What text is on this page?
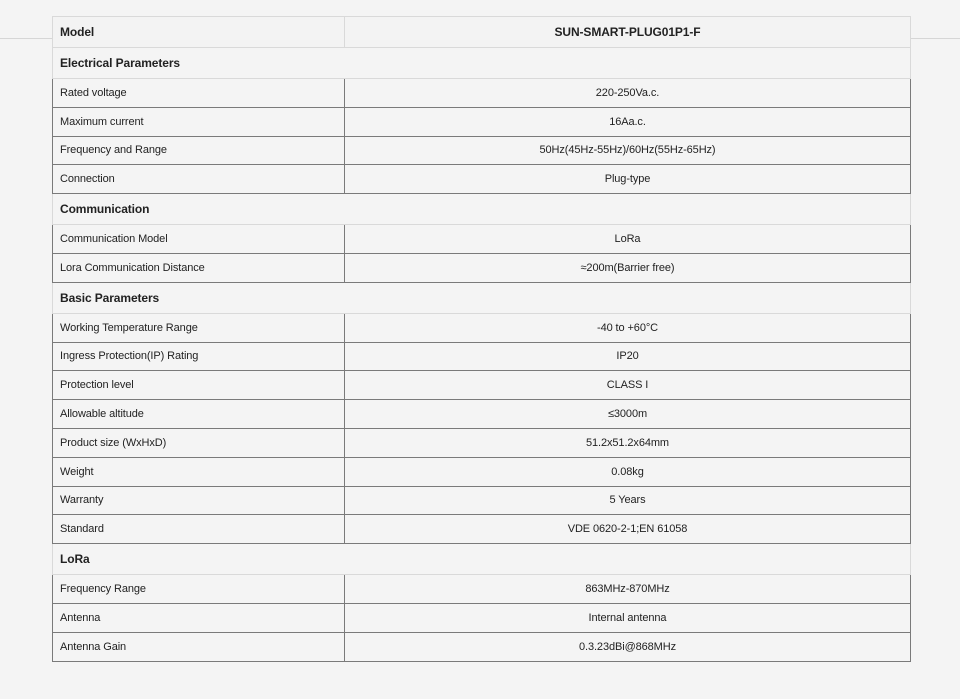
Model	SUN-SMART-PLUG01P1-F
Electrical Parameters	
Rated voltage	220-250Va.c.
Maximum current	16Aa.c.
Frequency and Range	50Hz(45Hz-55Hz)/60Hz(55Hz-65Hz)
Connection	Plug-type
Communication	
Communication Model	LoRa
Lora Communication Distance	≈200m(Barrier free)
Basic Parameters	
Working Temperature Range	-40 to +60°C
Ingress Protection(IP) Rating	IP20
Protection level	CLASS I
Allowable altitude	≤3000m
Product size (WxHxD)	51.2x51.2x64mm
Weight	0.08kg
Warranty	5 Years
Standard	VDE 0620-2-1;EN 61058
LoRa	
Frequency Range	863MHz-870MHz
Antenna	Internal antenna
Antenna Gain	0.3.23dBi@868MHz
